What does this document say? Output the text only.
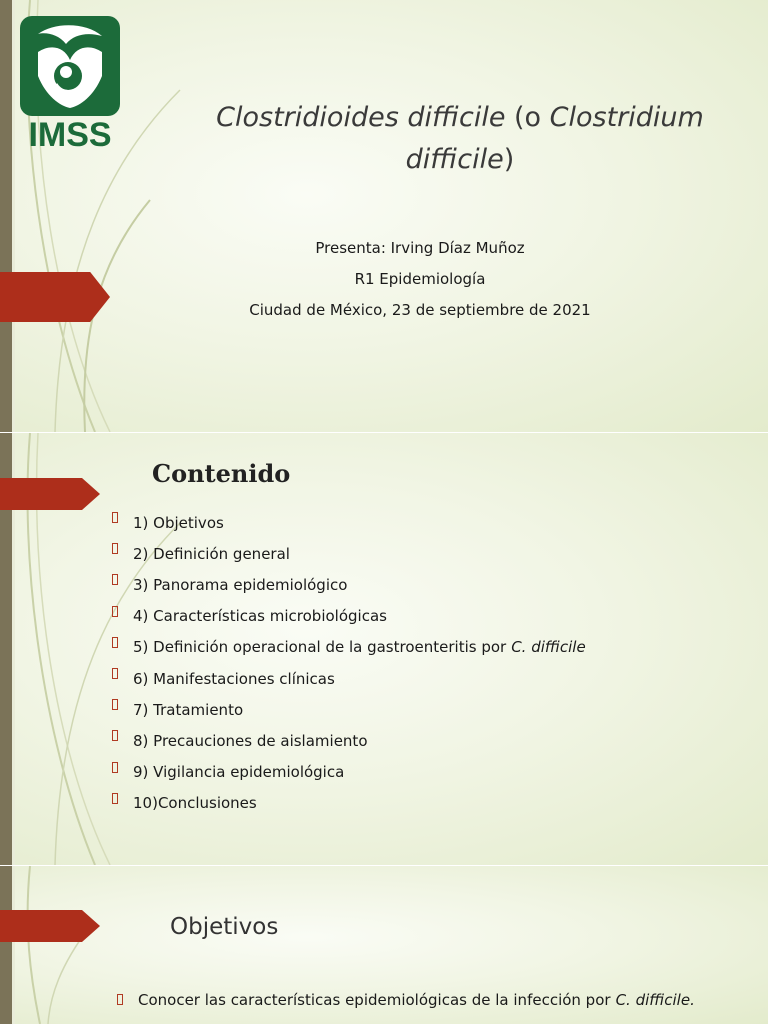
IMSS	Clostridioides difficile (o Clostridium difficile)
Presenta: Irving Díaz Muñoz
R1 Epidemiología
Ciudad de México, 23 de septiembre de 2021
Contenido
1) Objetivos
2) Definición general
3) Panorama epidemiológico
4) Características microbiológicas
5) Definición operacional de la gastroenteritis por C. difficile
6) Manifestaciones clínicas
7) Tratamiento
8) Precauciones de aislamiento
9) Vigilancia epidemiológica
10)Conclusiones
Objetivos
Conocer las características epidemiológicas de la infección por C. difficile.
